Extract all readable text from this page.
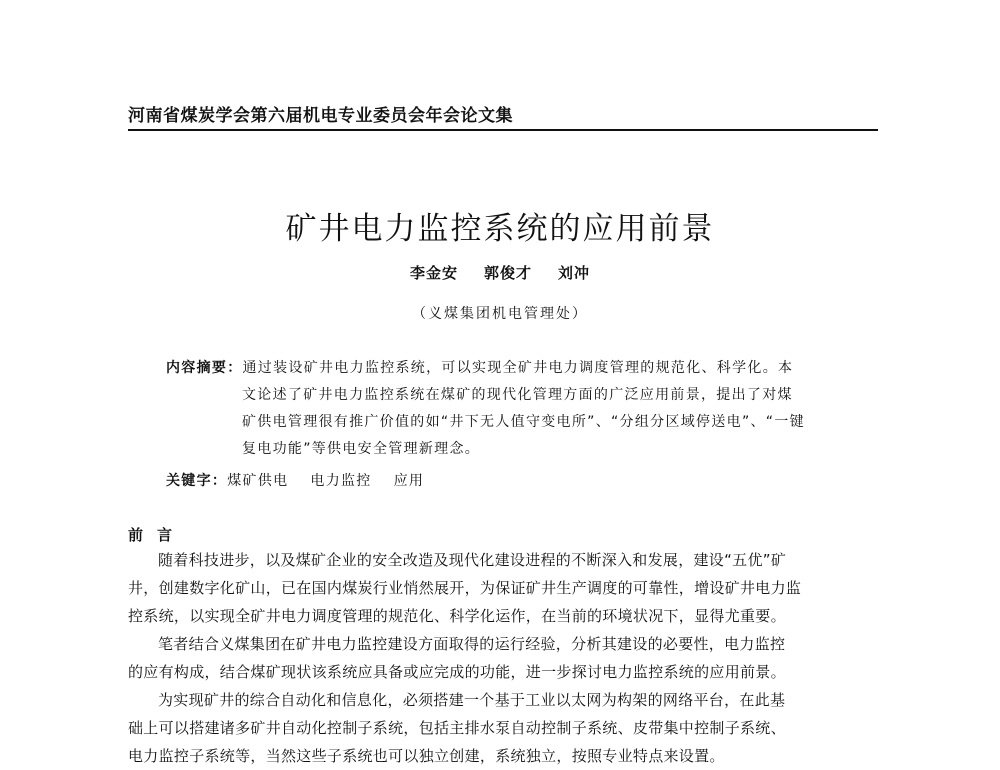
河南省煤炭学会第六届机电专业委员会年会论文集
矿井电力监控系统的应用前景
李金安 郭俊才 刘冲
（义煤集团机电管理处）
内容摘要：通过装设矿井电力监控系统，可以实现全矿井电力调度管理的规范化、科学化。本
文论述了矿井电力监控系统在煤矿的现代化管理方面的广泛应用前景，提出了对煤
矿供电管理很有推广价值的如“井下无人值守变电所”、“分组分区域停送电”、“一键
复电功能”等供电安全管理新理念。
关键字：煤矿供电 电力监控 应用
前言
随着科技进步，以及煤矿企业的安全改造及现代化建设进程的不断深入和发展，建设“五优”矿
井，创建数字化矿山，已在国内煤炭行业悄然展开，为保证矿井生产调度的可靠性，增设矿井电力监
控系统，以实现全矿井电力调度管理的规范化、科学化运作，在当前的环境状况下，显得尤重要。
笔者结合义煤集团在矿井电力监控建设方面取得的运行经验，分析其建设的必要性，电力监控
的应有构成，结合煤矿现状该系统应具备或应完成的功能，进一步探讨电力监控系统的应用前景。
为实现矿井的综合自动化和信息化，必须搭建一个基于工业以太网为构架的网络平台，在此基
础上可以搭建诸多矿井自动化控制子系统，包括主排水泵自动控制子系统、皮带集中控制子系统、
电力监控子系统等，当然这些子系统也可以独立创建，系统独立，按照专业特点来设置。
